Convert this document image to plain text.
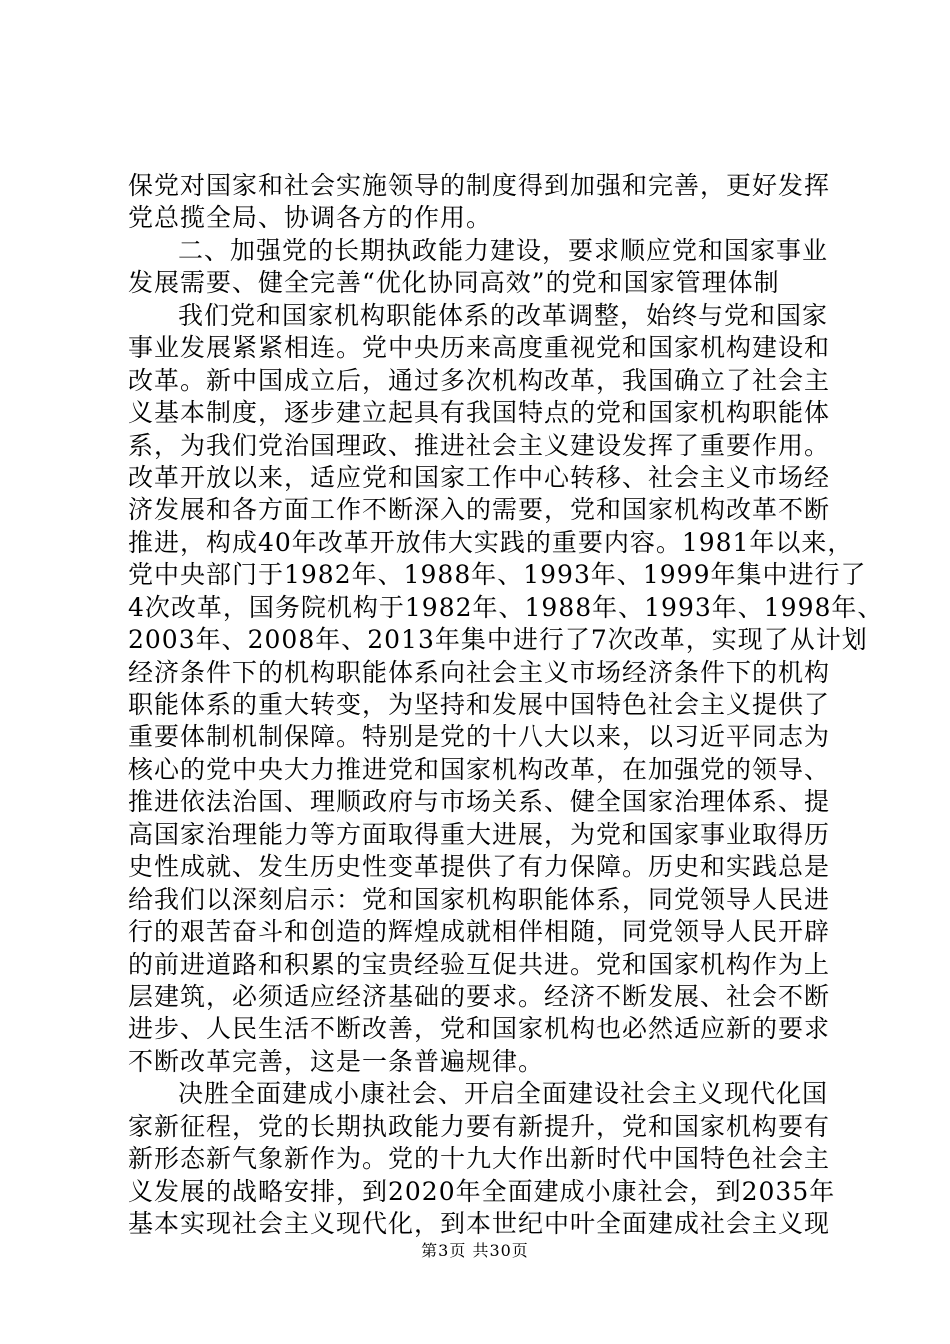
保党对国家和社会实施领导的制度得到加强和完善，更好发挥
党总揽全局、协调各方的作用。
二、加强党的长期执政能力建设，要求顺应党和国家事业
发展需要、健全完善“优化协同高效”的党和国家管理体制
我们党和国家机构职能体系的改革调整，始终与党和国家
事业发展紧紧相连。党中央历来高度重视党和国家机构建设和
改革。新中国成立后，通过多次机构改革，我国确立了社会主
义基本制度，逐步建立起具有我国特点的党和国家机构职能体
系，为我们党治国理政、推进社会主义建设发挥了重要作用。
改革开放以来，适应党和国家工作中心转移、社会主义市场经
济发展和各方面工作不断深入的需要，党和国家机构改革不断
推进，构成40年改革开放伟大实践的重要内容。1981年以来，
党中央部门于1982年、1988年、1993年、1999年集中进行了
4次改革，国务院机构于1982年、1988年、1993年、1998年、
2003年、2008年、2013年集中进行了7次改革，实现了从计划
经济条件下的机构职能体系向社会主义市场经济条件下的机构
职能体系的重大转变，为坚持和发展中国特色社会主义提供了
重要体制机制保障。特别是党的十八大以来，以习近平同志为
核心的党中央大力推进党和国家机构改革，在加强党的领导、
推进依法治国、理顺政府与市场关系、健全国家治理体系、提
高国家治理能力等方面取得重大进展，为党和国家事业取得历
史性成就、发生历史性变革提供了有力保障。历史和实践总是
给我们以深刻启示：党和国家机构职能体系，同党领导人民进
行的艰苦奋斗和创造的辉煌成就相伴相随，同党领导人民开辟
的前进道路和积累的宝贵经验互促共进。党和国家机构作为上
层建筑，必须适应经济基础的要求。经济不断发展、社会不断
进步、人民生活不断改善，党和国家机构也必然适应新的要求
不断改革完善，这是一条普遍规律。
决胜全面建成小康社会、开启全面建设社会主义现代化国
家新征程，党的长期执政能力要有新提升，党和国家机构要有
新形态新气象新作为。党的十九大作出新时代中国特色社会主
义发展的战略安排，到2020年全面建成小康社会，到2035年
基本实现社会主义现代化，到本世纪中叶全面建成社会主义现
第3页 共30页
